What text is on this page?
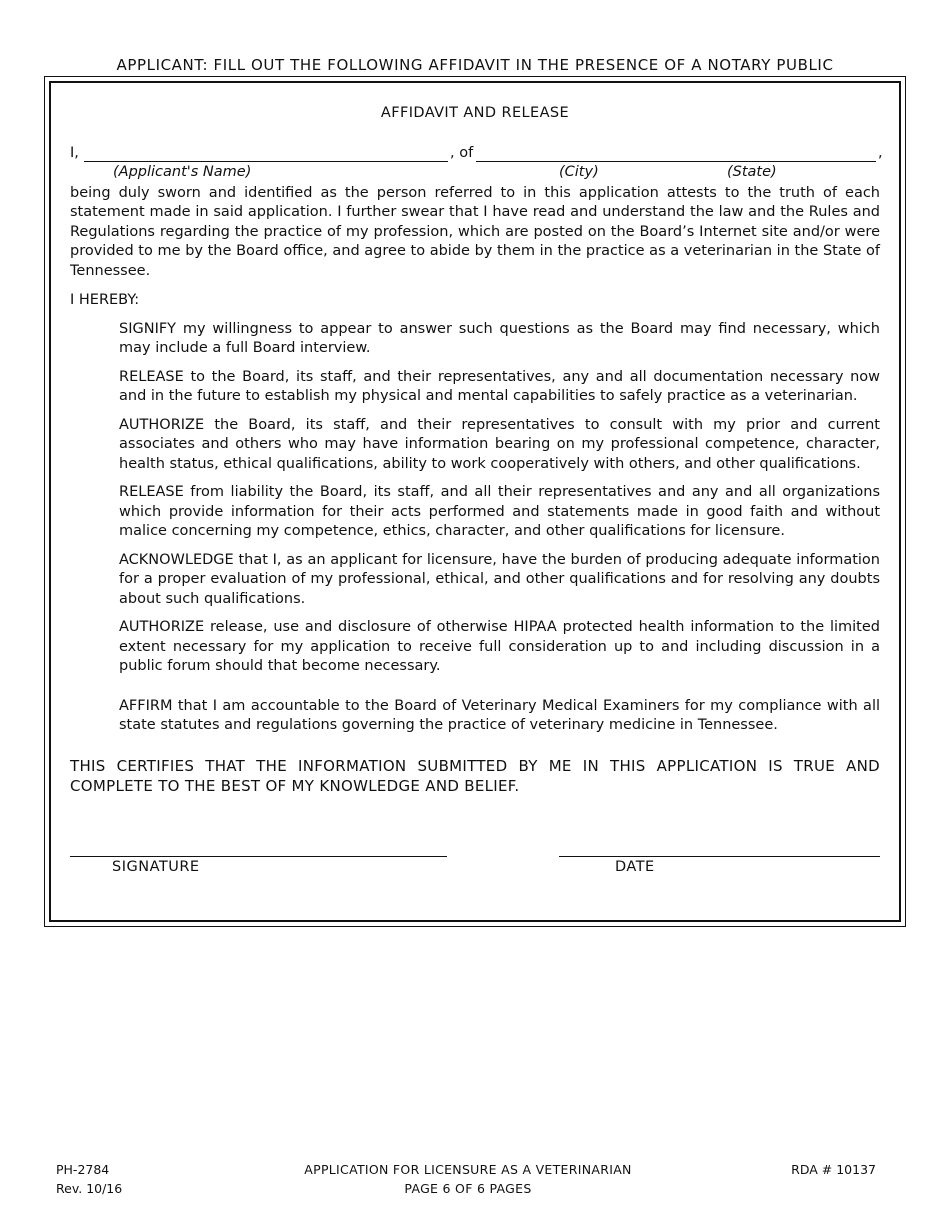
APPLICANT: FILL OUT THE FOLLOWING AFFIDAVIT IN THE PRESENCE OF A NOTARY PUBLIC
AFFIDAVIT AND RELEASE
I,	, of	,
(Applicant's Name)	(City)	(State)

being duly sworn and identified as the person referred to in this application attests to the truth of each statement made in said application. I further swear that I have read and understand the law and the Rules and Regulations regarding the practice of my profession, which are posted on the Board’s Internet site and/or were provided to me by the Board office, and agree to abide by them in the practice as a veterinarian in the State of Tennessee.

I HEREBY:

SIGNIFY my willingness to appear to answer such questions as the Board may find necessary, which may include a full Board interview.

RELEASE to the Board, its staff, and their representatives, any and all documentation necessary now and in the future to establish my physical and mental capabilities to safely practice as a veterinarian.

AUTHORIZE the Board, its staff, and their representatives to consult with my prior and current associates and others who may have information bearing on my professional competence, character, health status, ethical qualifications, ability to work cooperatively with others, and other qualifications.

RELEASE from liability the Board, its staff, and all their representatives and any and all organizations which provide information for their acts performed and statements made in good faith and without malice concerning my competence, ethics, character, and other qualifications for licensure.

ACKNOWLEDGE that I, as an applicant for licensure, have the burden of producing adequate information for a proper evaluation of my professional, ethical, and other qualifications and for resolving any doubts about such qualifications.

AUTHORIZE release, use and disclosure of otherwise HIPAA protected health information to the limited extent necessary for my application to receive full consideration up to and including discussion in a public forum should that become necessary.

AFFIRM that I am accountable to the Board of Veterinary Medical Examiners for my compliance with all state statutes and regulations governing the practice of veterinary medicine in Tennessee.

THIS CERTIFIES THAT THE INFORMATION SUBMITTED BY ME IN THIS APPLICATION IS TRUE AND COMPLETE TO THE BEST OF MY KNOWLEDGE AND BELIEF.

SIGNATURE	DATE
PH-2784
Rev. 10/16
APPLICATION FOR LICENSURE AS A VETERINARIAN
PAGE 6 OF 6 PAGES
RDA # 10137
